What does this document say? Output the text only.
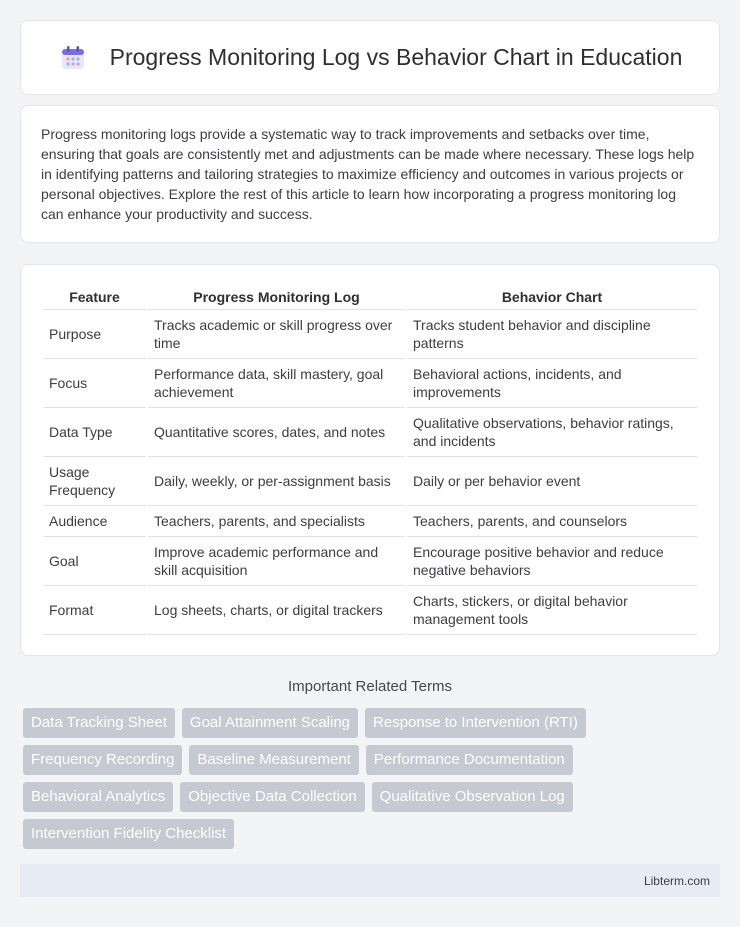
Progress Monitoring Log vs Behavior Chart in Education

Progress monitoring logs provide a systematic way to track improvements and setbacks over time, ensuring that goals are consistently met and adjustments can be made where necessary. These logs help in identifying patterns and tailoring strategies to maximize efficiency and outcomes in various projects or personal objectives. Explore the rest of this article to learn how incorporating a progress monitoring log can enhance your productivity and success.

Feature	Progress Monitoring Log	Behavior Chart
Purpose	Tracks academic or skill progress over time	Tracks student behavior and discipline patterns
Focus	Performance data, skill mastery, goal achievement	Behavioral actions, incidents, and improvements
Data Type	Quantitative scores, dates, and notes	Qualitative observations, behavior ratings, and incidents
Usage Frequency	Daily, weekly, or per-assignment basis	Daily or per behavior event
Audience	Teachers, parents, and specialists	Teachers, parents, and counselors
Goal	Improve academic performance and skill acquisition	Encourage positive behavior and reduce negative behaviors
Format	Log sheets, charts, or digital trackers	Charts, stickers, or digital behavior management tools
Important Related Terms
Data Tracking Sheet	Goal Attainment Scaling	Response to Intervention (RTI)
Frequency Recording	Baseline Measurement	Performance Documentation
Behavioral Analytics	Objective Data Collection	Qualitative Observation Log
Intervention Fidelity Checklist
Libterm.com
